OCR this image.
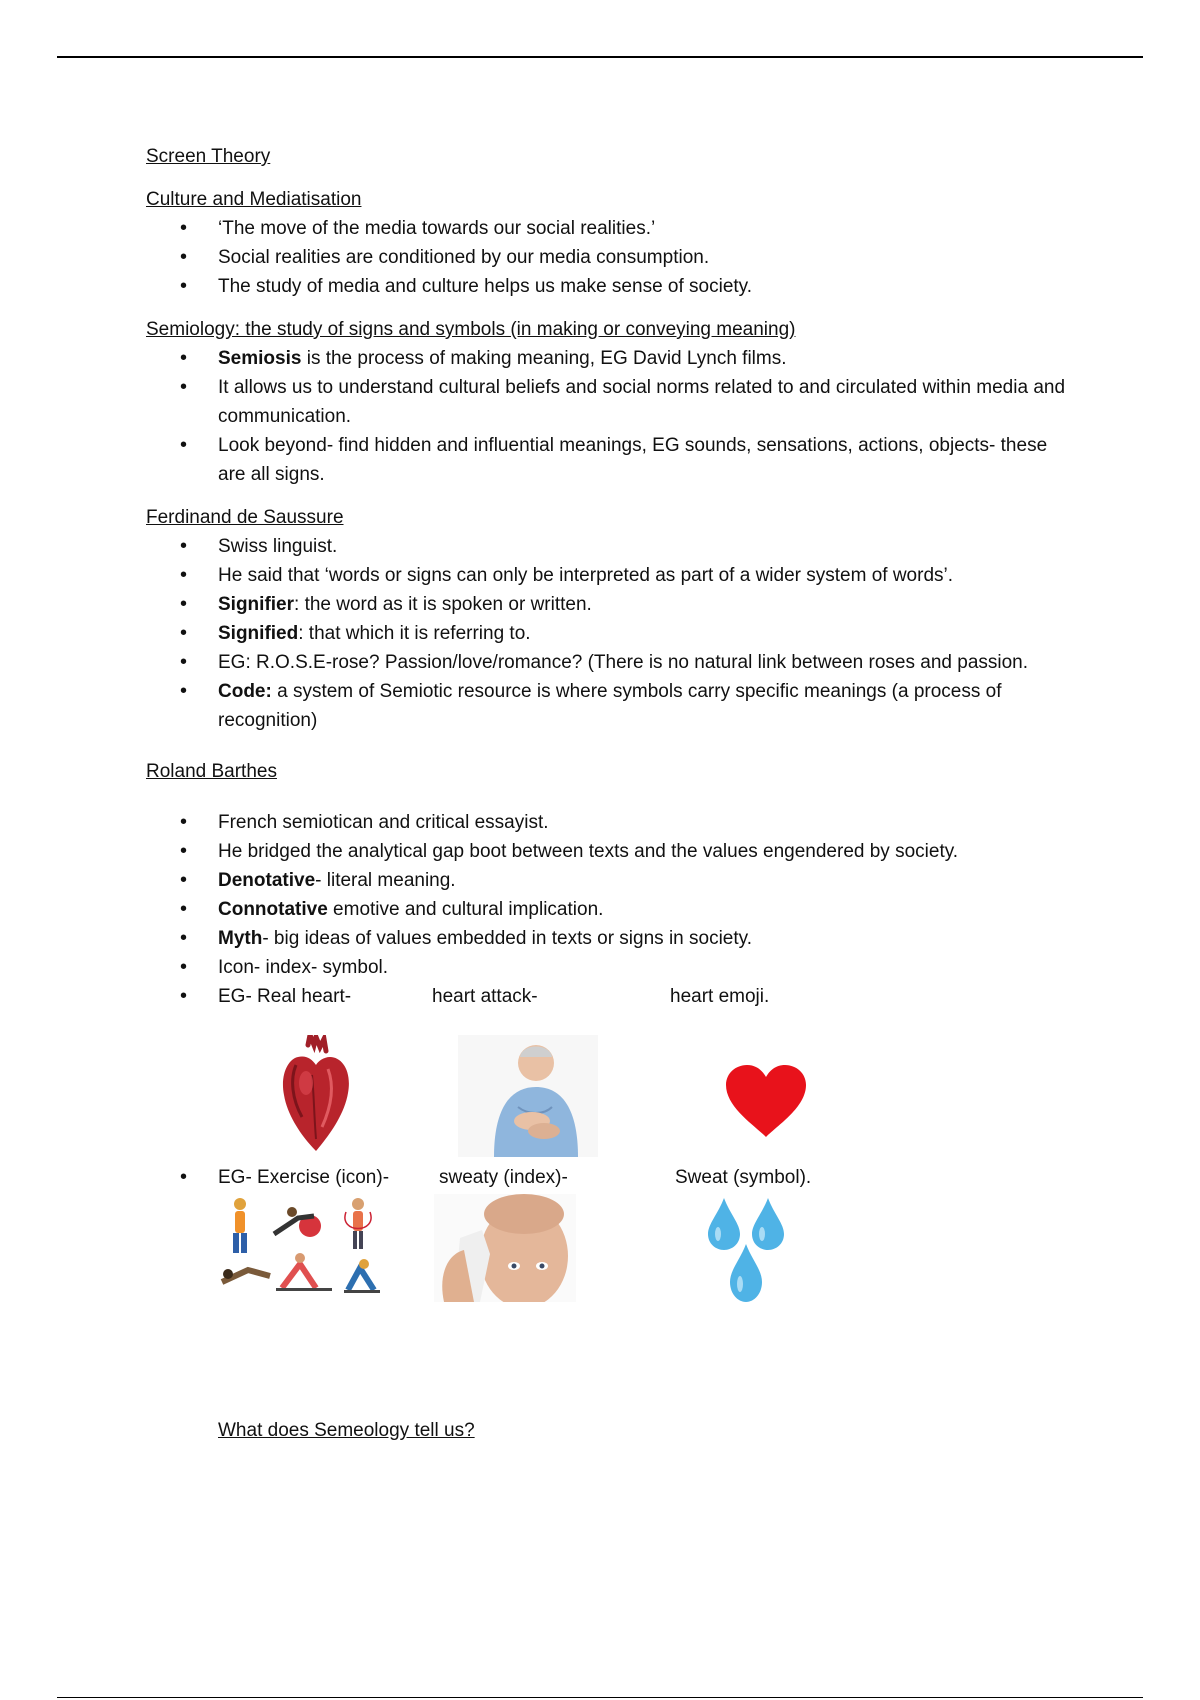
Screen Theory

Culture and Mediatisation

• ‘The move of the media towards our social realities.’
• Social realities are conditioned by our media consumption.
• The study of media and culture helps us make sense of society.

Semiology: the study of signs and symbols (in making or conveying meaning)

• Semiosis is the process of making meaning, EG David Lynch films.
• It allows us to understand cultural beliefs and social norms related to and circulated within media and communication.
• Look beyond- find hidden and influential meanings, EG sounds, sensations, actions, objects- these are all signs.

Ferdinand de Saussure

• Swiss linguist.
• He said that ‘words or signs can only be interpreted as part of a wider system of words’.
• Signifier: the word as it is spoken or written.
• Signified: that which it is referring to.
• EG: R.O.S.E-rose? Passion/love/romance? (There is no natural link between roses and passion.
• Code: a system of Semiotic resource is where symbols carry specific meanings (a process of recognition)

Roland Barthes

• French semiotican and critical essayist.
• He bridged the analytical gap boot between texts and the values engendered by society.
• Denotative- literal meaning.
• Connotative emotive and cultural implication.
• Myth- big ideas of values embedded in texts or signs in society.
• Icon- index- symbol.
• EG- Real heart-	heart attack-	heart emoji.
• EG- Exercise (icon)-	sweaty (index)-	Sweat (symbol).

What does Semeology tell us?
